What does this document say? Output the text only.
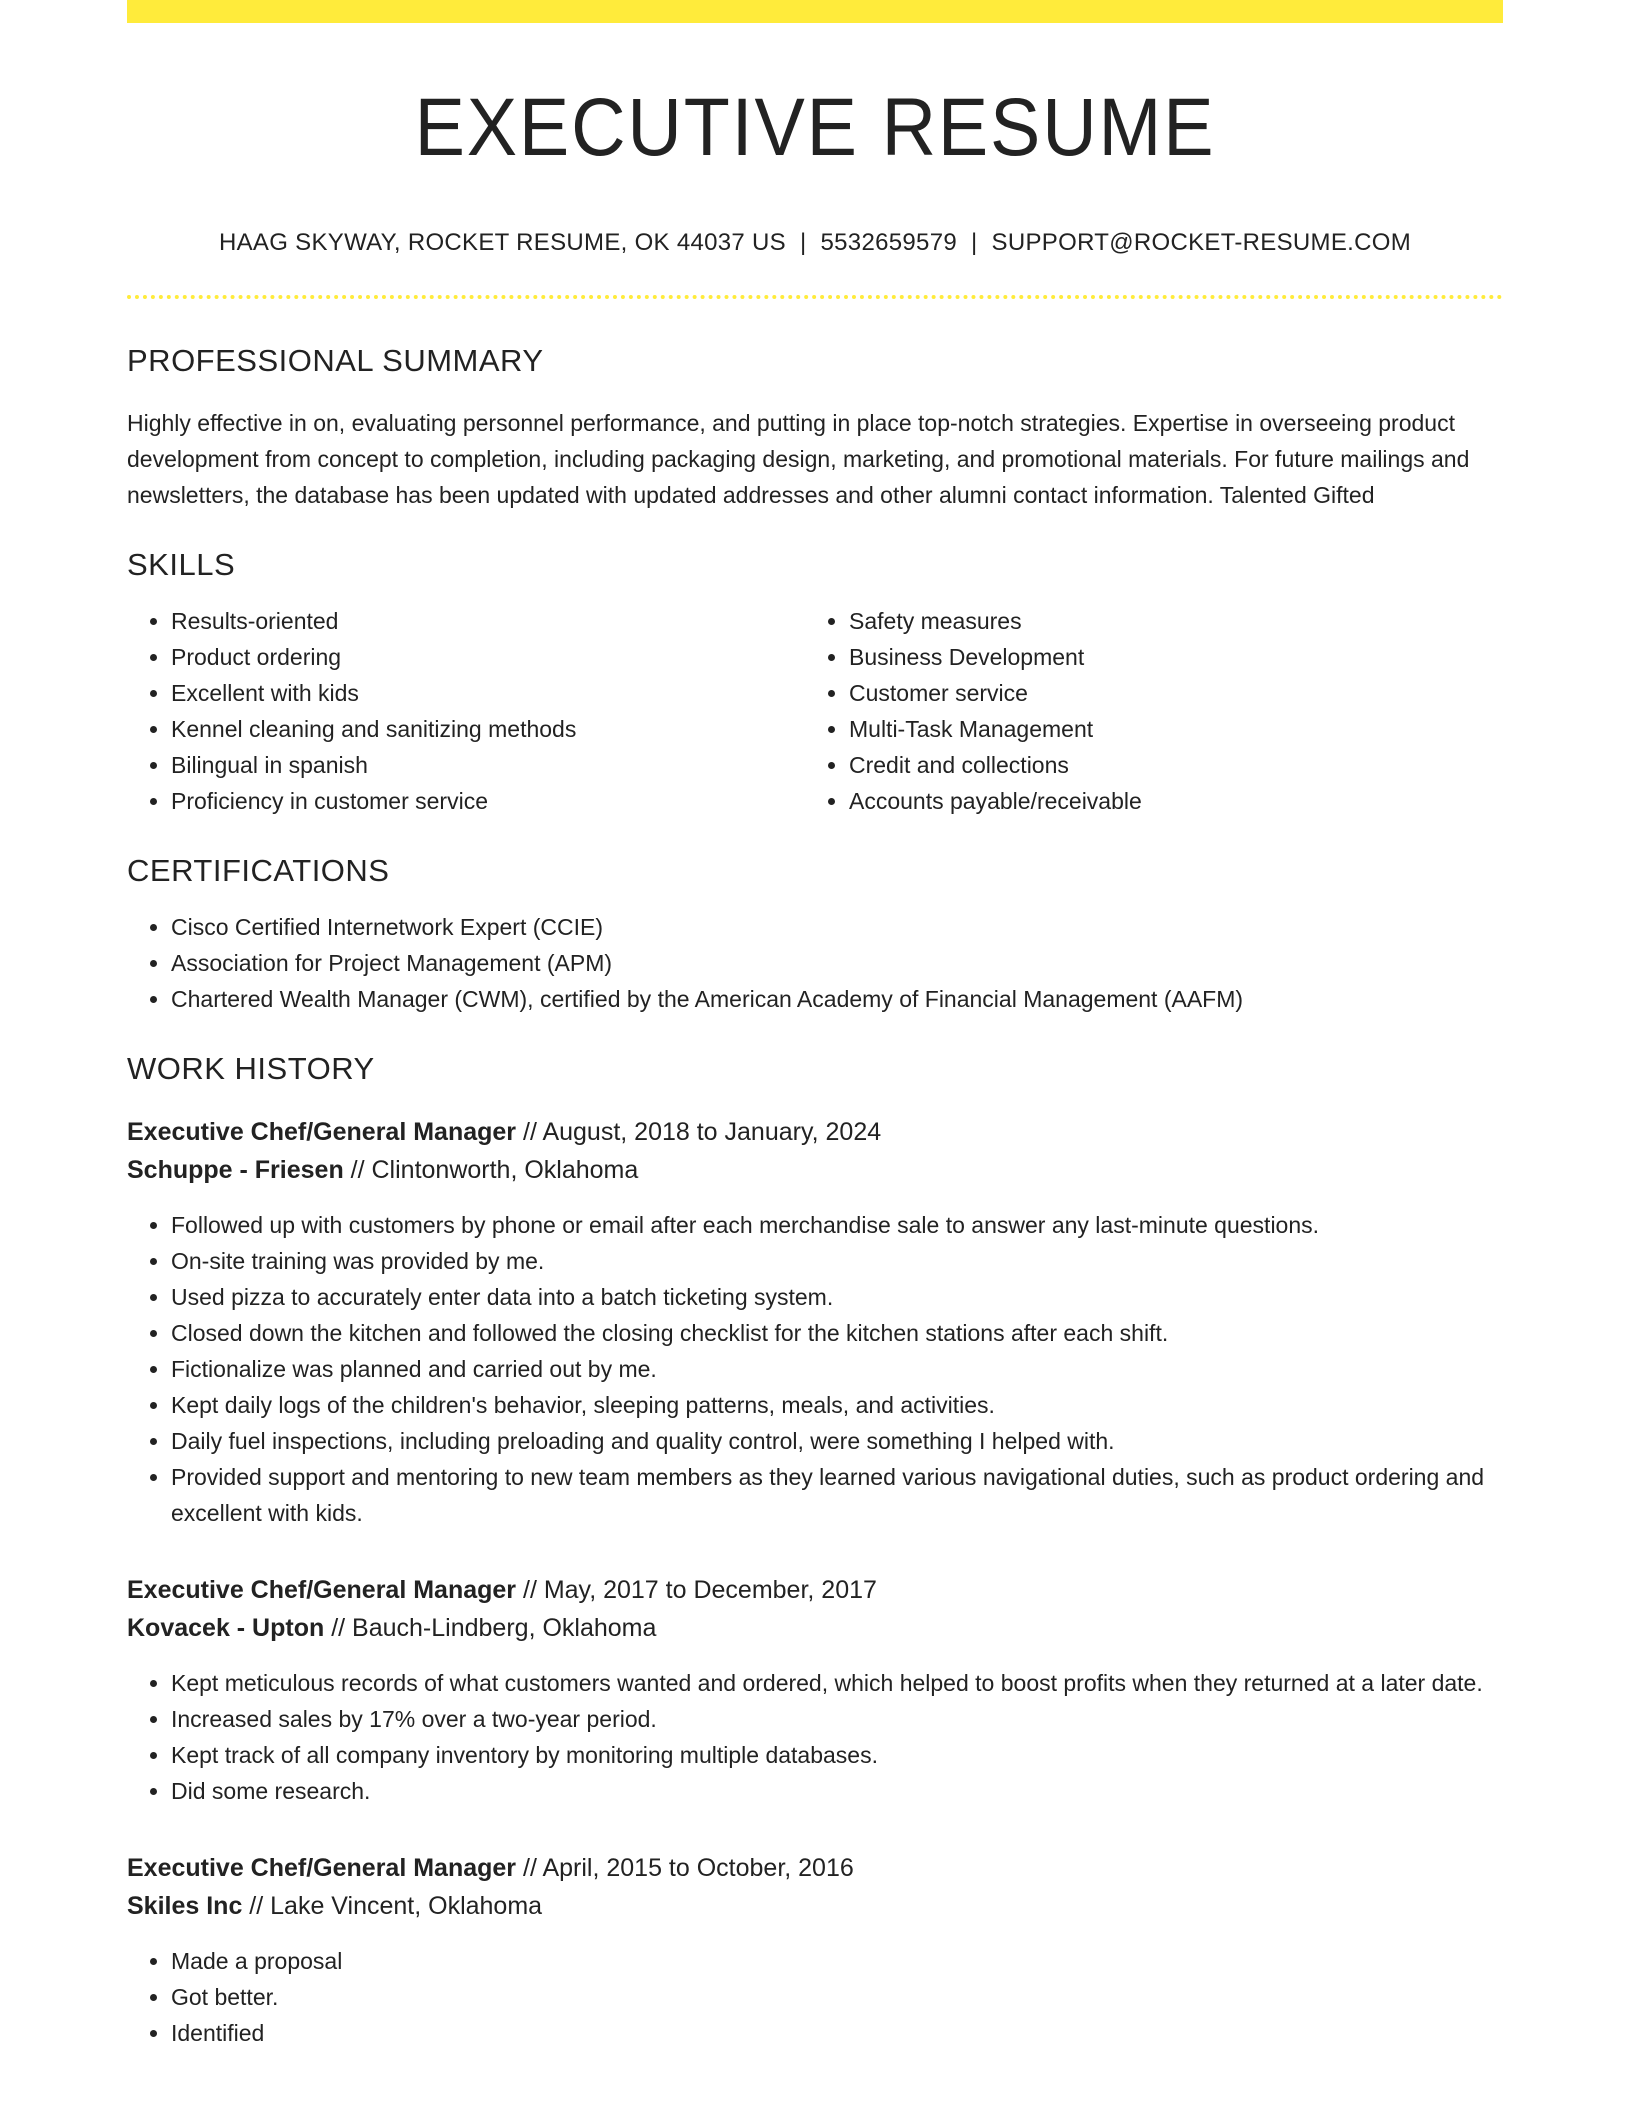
EXECUTIVE RESUME
HAAG SKYWAY, ROCKET RESUME, OK 44037 US | 5532659579 | SUPPORT@ROCKET-RESUME.COM
PROFESSIONAL SUMMARY
Highly effective in on, evaluating personnel performance, and putting in place top-notch strategies. Expertise in overseeing product development from concept to completion, including packaging design, marketing, and promotional materials. For future mailings and newsletters, the database has been updated with updated addresses and other alumni contact information. Talented Gifted
SKILLS
• Results-oriented
• Product ordering
• Excellent with kids
• Kennel cleaning and sanitizing methods
• Bilingual in spanish
• Proficiency in customer service
• Safety measures
• Business Development
• Customer service
• Multi-Task Management
• Credit and collections
• Accounts payable/receivable
CERTIFICATIONS
• Cisco Certified Internetwork Expert (CCIE)
• Association for Project Management (APM)
• Chartered Wealth Manager (CWM), certified by the American Academy of Financial Management (AAFM)
WORK HISTORY
Executive Chef/General Manager // August, 2018 to January, 2024
Schuppe - Friesen // Clintonworth, Oklahoma
• Followed up with customers by phone or email after each merchandise sale to answer any last-minute questions.
• On-site training was provided by me.
• Used pizza to accurately enter data into a batch ticketing system.
• Closed down the kitchen and followed the closing checklist for the kitchen stations after each shift.
• Fictionalize was planned and carried out by me.
• Kept daily logs of the children's behavior, sleeping patterns, meals, and activities.
• Daily fuel inspections, including preloading and quality control, were something I helped with.
• Provided support and mentoring to new team members as they learned various navigational duties, such as product ordering and excellent with kids.
Executive Chef/General Manager // May, 2017 to December, 2017
Kovacek - Upton // Bauch-Lindberg, Oklahoma
• Kept meticulous records of what customers wanted and ordered, which helped to boost profits when they returned at a later date.
• Increased sales by 17% over a two-year period.
• Kept track of all company inventory by monitoring multiple databases.
• Did some research.
Executive Chef/General Manager // April, 2015 to October, 2016
Skiles Inc // Lake Vincent, Oklahoma
• Made a proposal
• Got better.
• Identified
